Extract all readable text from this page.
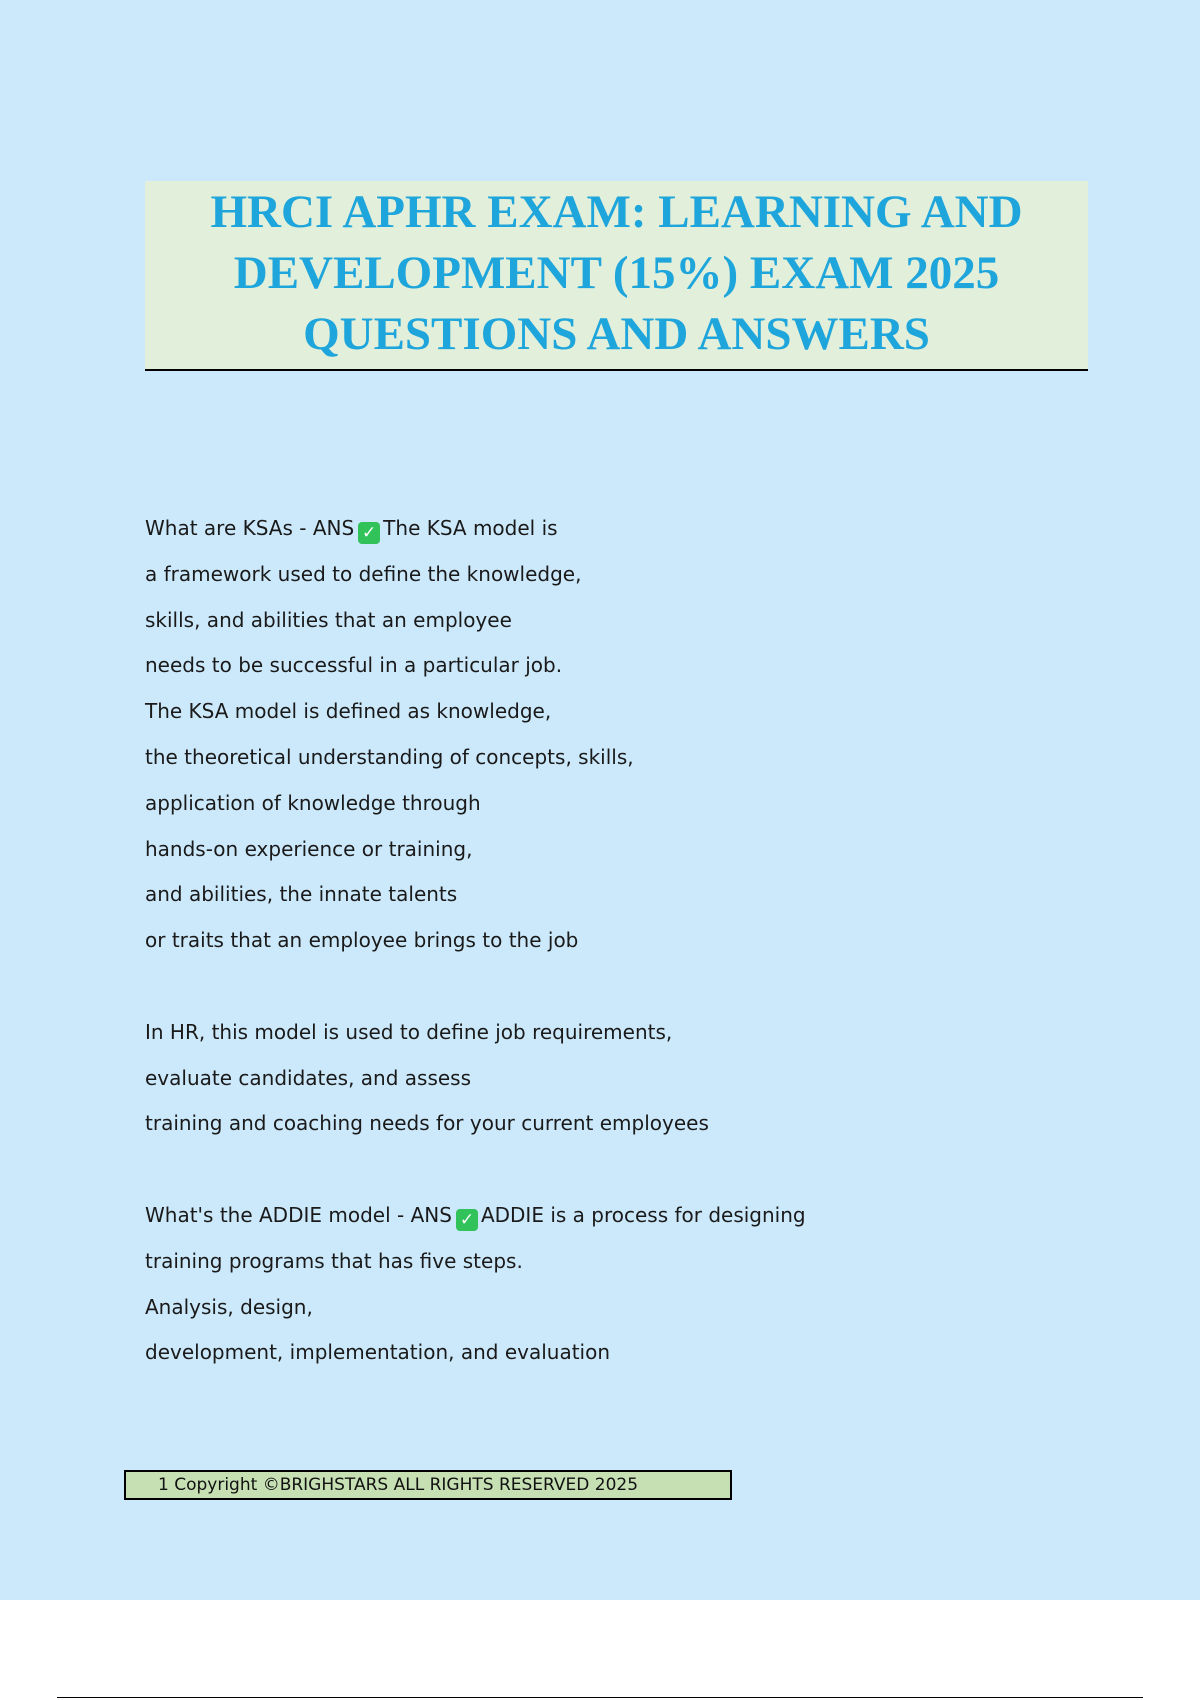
HRCI APHR EXAM: LEARNING AND
DEVELOPMENT (15%) EXAM 2025
QUESTIONS AND ANSWERS
What are KSAs - ANS ✓ The KSA model is
a framework used to define the knowledge,
skills, and abilities that an employee
needs to be successful in a particular job.
The KSA model is defined as knowledge,
the theoretical understanding of concepts, skills,
application of knowledge through
hands-on experience or training,
and abilities, the innate talents
or traits that an employee brings to the job
In HR, this model is used to define job requirements,
evaluate candidates, and assess
training and coaching needs for your current employees
What's the ADDIE model - ANS ✓ ADDIE is a process for designing
training programs that has five steps.
Analysis, design,
development, implementation, and evaluation
1 Copyright ©BRIGHSTARS ALL RIGHTS RESERVED 2025
